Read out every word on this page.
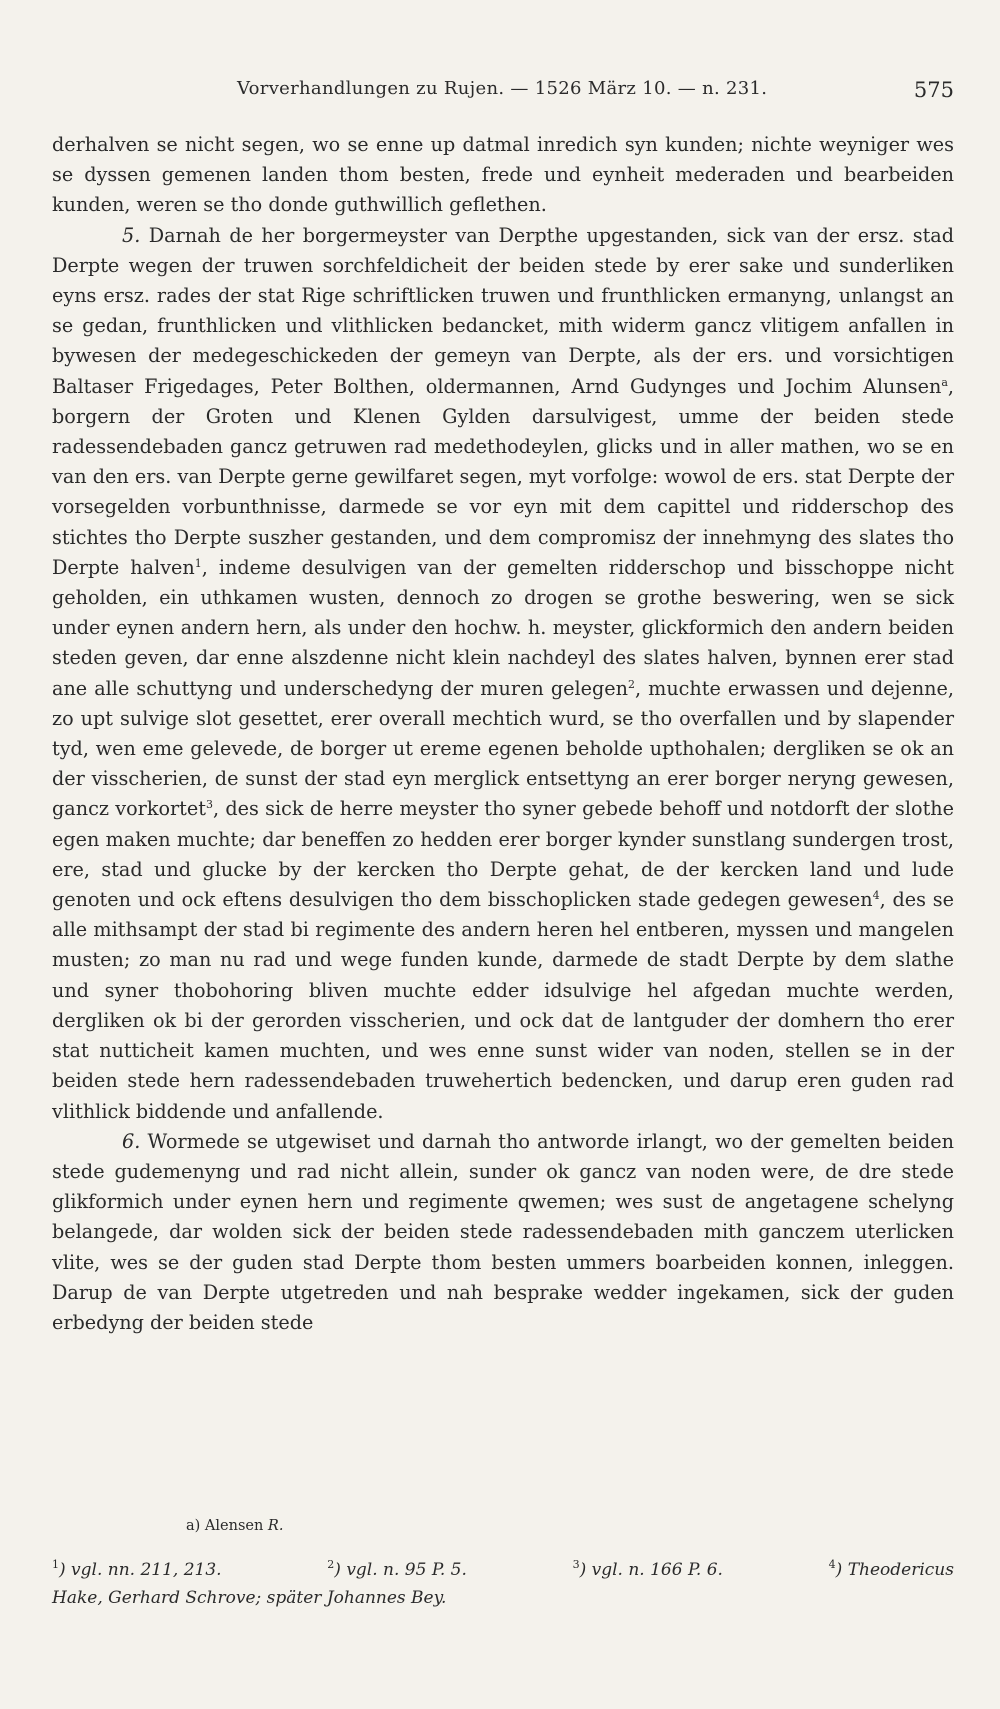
Vorverhandlungen zu Rujen. — 1526 März 10. — n. 231.	575

derhalven se nicht segen, wo se enne up datmal inredich syn kunden; nichte weyniger wes se dyssen gemenen landen thom besten, frede und eynheit mederaden und bearbeiden kunden, weren se tho donde guthwillich geflethen.

5. Darnah de her borgermeyster van Derpthe upgestanden, sick van der ersz. stad Derpte wegen der truwen sorchfeldicheit der beiden stede by erer sake und sunderliken eyns ersz. rades der stat Rige schriftlicken truwen und frunthlicken ermanyng, unlangst an se gedan, frunthlicken und vlithlicken bedancket, mith widerm gancz vlitigem anfallen in bywesen der medegeschickeden der gemeyn van Derpte, als der ers. und vorsichtigen Baltaser Frigedages, Peter Bolthen, oldermannen, Arnd Gudynges und Jochim Alunsen$^a$, borgern der Groten und Klenen Gylden darsulvigest, umme der beiden stede radessendebaden gancz getruwen rad medethodeylen, glicks und in aller mathen, wo se en van den ers. van Derpte gerne gewilfaret segen, myt vorfolge: wowol de ers. stat Derpte der vorsegelden vorbunthnisse, darmede se vor eyn mit dem capittel und ridderschop des stichtes tho Derpte suszher gestanden, und dem compromisz der innehmyng des slates tho Derpte halven$^1$, indeme desulvigen van der gemelten ridderschop und bisschoppe nicht geholden, ein uthkamen wusten, dennoch zo drogen se grothe beswering, wen se sick under eynen andern hern, als under den hochw. h. meyster, glickformich den andern beiden steden geven, dar enne alszdenne nicht klein nachdeyl des slates halven, bynnen erer stad ane alle schuttyng und underschedyng der muren gelegen$^2$, muchte erwassen und dejenne, zo upt sulvige slot gesettet, erer overall mechtich wurd, se tho overfallen und by slapender tyd, wen eme gelevede, de borger ut ereme egenen beholde upthohalen; dergliken se ok an der visscherien, de sunst der stad eyn merglick entsettyng an erer borger neryng gewesen, gancz vorkortet$^3$, des sick de herre meyster tho syner gebede behoff und notdorft der slothe egen maken muchte; dar beneffen zo hedden erer borger kynder sunstlang sundergen trost, ere, stad und glucke by der kercken tho Derpte gehat, de der kercken land und lude genoten und ock eftens desulvigen tho dem bisschoplicken stade gedegen gewesen$^4$, des se alle mithsampt der stad bi regimente des andern heren hel entberen, myssen und mangelen musten; zo man nu rad und wege funden kunde, darmede de stadt Derpte by dem slathe und syner thobohoring bliven muchte edder idsulvige hel afgedan muchte werden, dergliken ok bi der gerorden visscherien, und ock dat de lantguder der domhern tho erer stat nutticheit kamen muchten, und wes enne sunst wider van noden, stellen se in der beiden stede hern radessendebaden truwehertich bedencken, und darup eren guden rad vlithlick biddende und anfallende.

6. Wormede se utgewiset und darnah tho antworde irlangt, wo der gemelten beiden stede gudemenyng und rad nicht allein, sunder ok gancz van noden were, de dre stede glikformich under eynen hern und regimente qwemen; wes sust de angetagene schelyng belangede, dar wolden sick der beiden stede radessendebaden mith ganczem uterlicken vlite, wes se der guden stad Derpte thom besten ummers boarbeiden konnen, inleggen. Darup de van Derpte utgetreden und nah besprake wedder ingekamen, sick der guden erbedyng der beiden stede

a) Alensen R.
$^1$) vgl. nn. 211, 213.	$^2$) vgl. n. 95 P. 5.	$^3$) vgl. n. 166 P. 6.	$^4$) Theodericus
Hake, Gerhard Schrove; später Johannes Bey.
